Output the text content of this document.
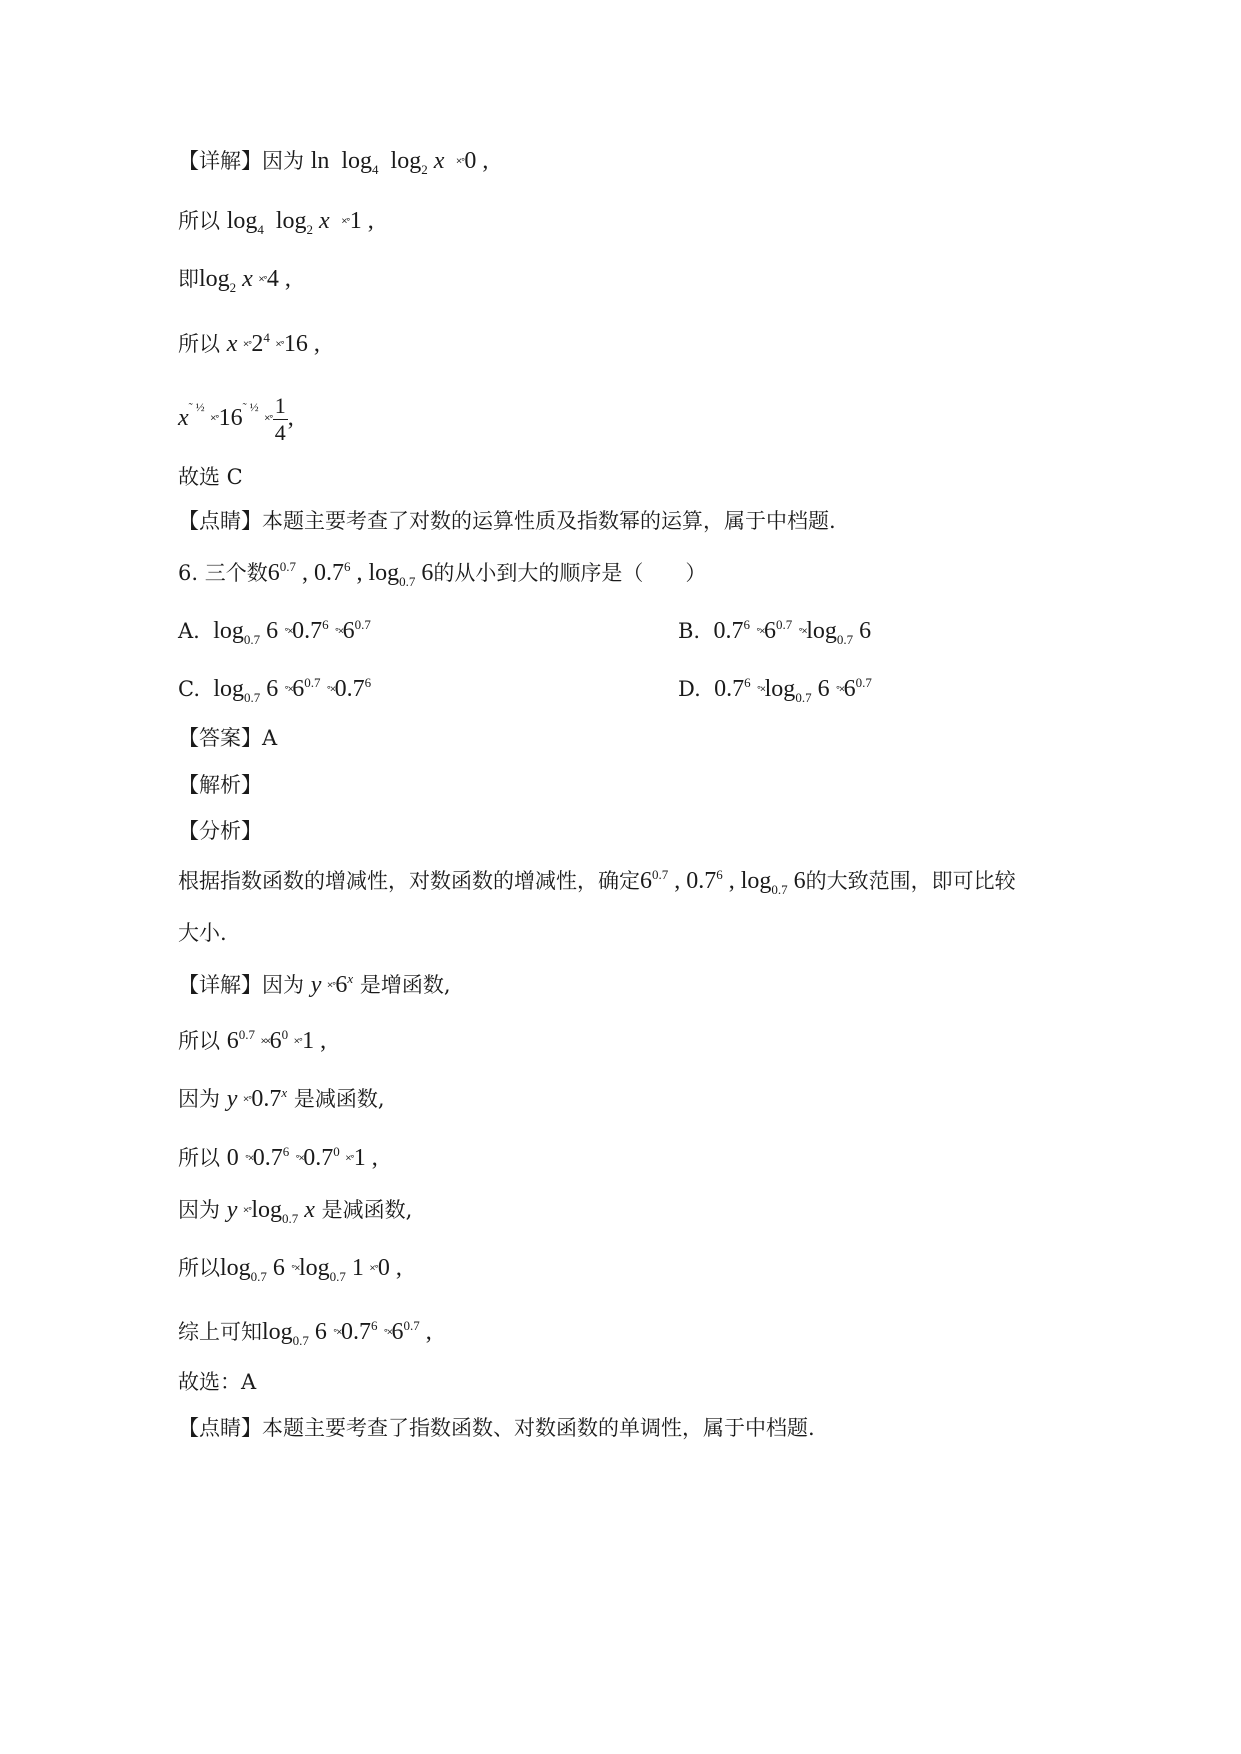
【详解】因为 $\ln \log_4 \log_2 x$ ˟˚0 ,
所以 $\log_4 \log_2 x$ ˟˚1 ,
即$\log_2 x$ ˟˚4 ,
所以 x $˟˚2^4$ ˟˚16 ,
$x^{˜ \frac{1}{2}}$ $˟˚16^{˜ \frac{1}{2}}$ ˟˚ $\frac{1}{4}$ ,
故选 C
【点睛】本题主要考查了对数的运算性质及指数幂的运算，属于中档题.
6. 三个数$6^{0.7}$ , $0.7^6$ , $\log_{0.7} 6$的从小到大的顺序是（　　）
A. $\log_{0.7} 6$ $˚˟0.7^6$ $˚˟6^{0.7}$	B. $0.7^6$ $˚˟6^{0.7}$ $˚˟\log_{0.7}$ 6
C. $\log_{0.7} 6$ $˚˟6^{0.7}$ $˚˟0.7^6$	D. $0.7^6$ $˚˟\log_{0.7}$ 6 $˚˟6^{0.7}$
【答案】A
【解析】
【分析】
根据指数函数的增减性，对数函数的增减性，确定$6^{0.7}$ , $0.7^6$ , $\log_{0.7} 6$的大致范围，即可比较
大小.
【详解】因为 y ˟˚6$^x$ 是增函数,
所以 $6^{0.7}$ $˟˟6^0$ ˟˚1 ,
因为 y ˟˚0.7$^x$ 是减函数,
所以 0 $˚˟0.7^6$ $˚˟0.7^0$ ˟˚1 ,
因为 y $˟˚\log_{0.7}$ x 是减函数,
所以$\log_{0.7} 6$ $˚˟\log_{0.7}$ 1 ˟˚0 ,
综上可知$\log_{0.7} 6$ $˚˟0.7^6$ $˚˟6^{0.7}$ ,
故选：A
【点睛】本题主要考查了指数函数、对数函数的单调性，属于中档题.
